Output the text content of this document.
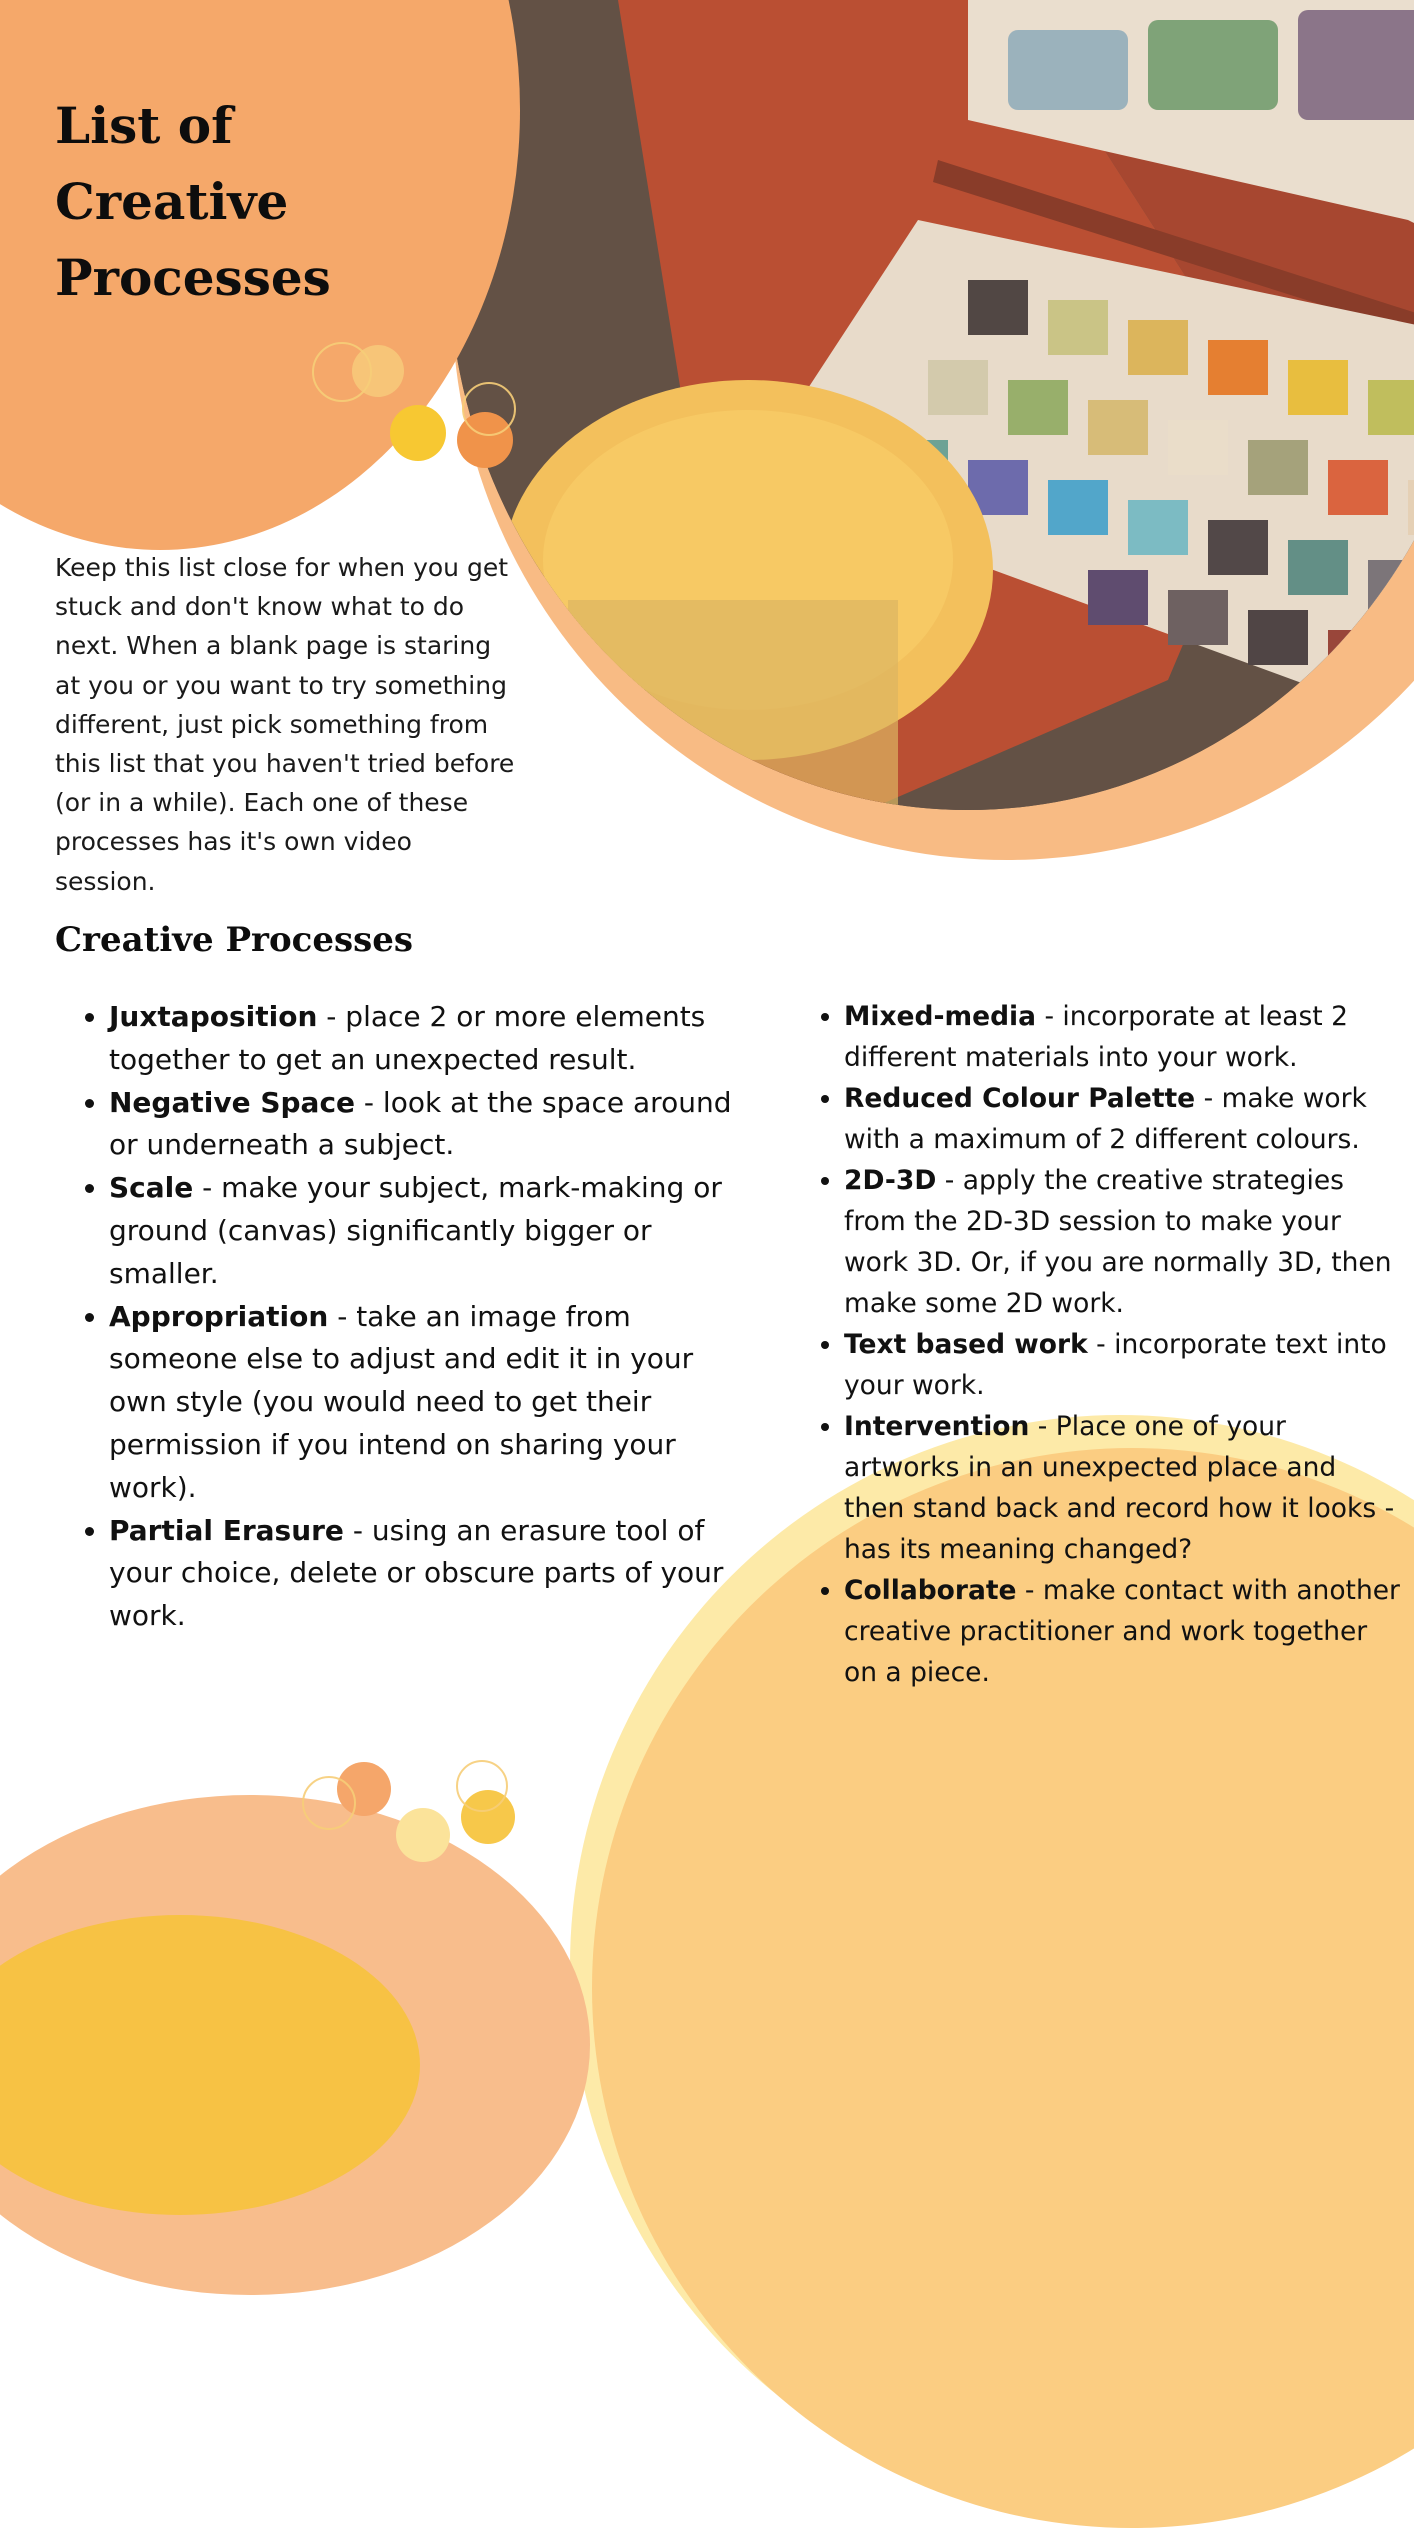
List of Creative Processes

Keep this list close for when you get stuck and don't know what to do next. When a blank page is staring at you or you want to try something different, just pick something from this list that you haven't tried before (or in a while). Each one of these processes has it's own video session.

Creative Processes
• Juxtaposition - place 2 or more elements together to get an unexpected result.
• Negative Space - look at the space around or underneath a subject.
• Scale - make your subject, mark-making or ground (canvas) significantly bigger or smaller.
• Appropriation - take an image from someone else to adjust and edit it in your own style (you would need to get their permission if you intend on sharing your work).
• Partial Erasure - using an erasure tool of your choice, delete or obscure parts of your work.
• Mixed-media - incorporate at least 2 different materials into your work.
• Reduced Colour Palette - make work with a maximum of 2 different colours.
• 2D-3D - apply the creative strategies from the 2D-3D session to make your work 3D. Or, if you are normally 3D, then make some 2D work.
• Text based work - incorporate text into your work.
• Intervention - Place one of your artworks in an unexpected place and then stand back and record how it looks - has its meaning changed?
• Collaborate - make contact with another creative practitioner and work together on a piece.
